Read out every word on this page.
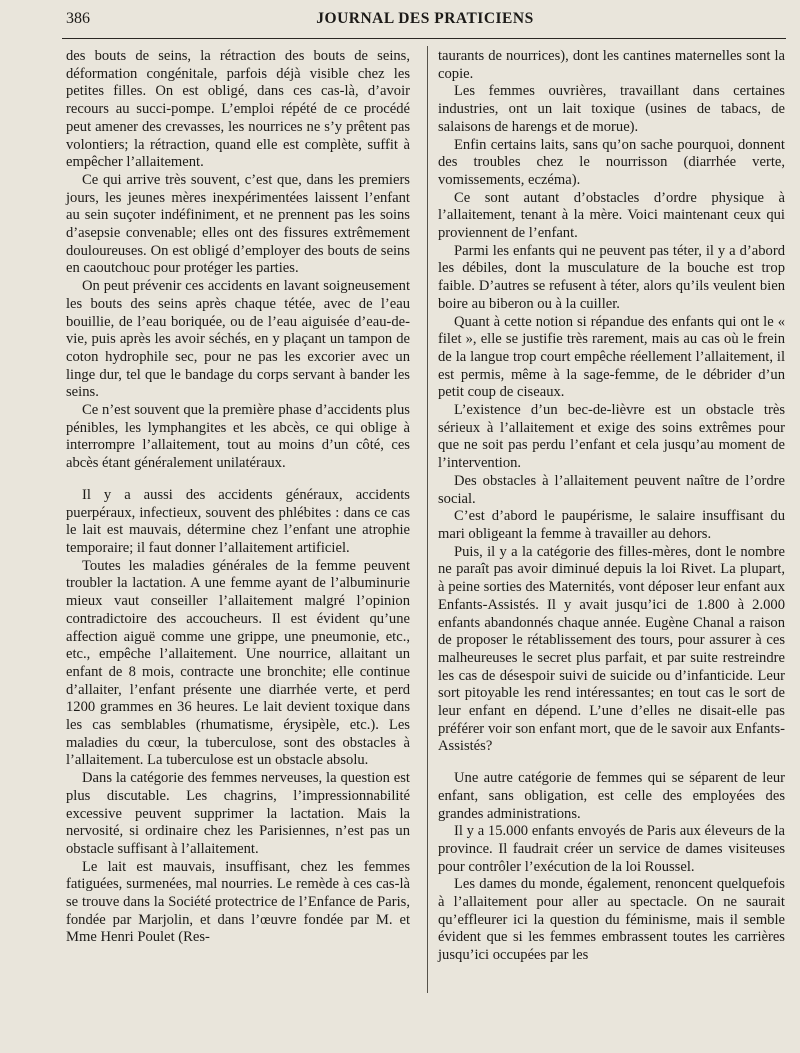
386	JOURNAL DES PRATICIENS

des bouts de seins, la rétraction des bouts de seins, déformation congénitale, parfois déjà visible chez les petites filles. On est obligé, dans ces cas-là, d’avoir recours au succi-pompe. L’emploi répété de ce procédé peut amener des crevasses, les nourrices ne s’y prêtent pas volontiers; la rétraction, quand elle est complète, suffit à empêcher l’allaitement.

Ce qui arrive très souvent, c’est que, dans les premiers jours, les jeunes mères inexpérimentées laissent l’enfant au sein suçoter indéfiniment, et ne prennent pas les soins d’asepsie convenable; elles ont des fissures extrêmement douloureuses. On est obligé d’employer des bouts de seins en caoutchouc pour protéger les parties.

On peut prévenir ces accidents en lavant soigneusement les bouts des seins après chaque tétée, avec de l’eau bouillie, de l’eau boriquée, ou de l’eau aiguisée d’eau-de-vie, puis après les avoir séchés, en y plaçant un tampon de coton hydrophile sec, pour ne pas les excorier avec un linge dur, tel que le bandage du corps servant à bander les seins.

Ce n’est souvent que la première phase d’accidents plus pénibles, les lymphangites et les abcès, ce qui oblige à interrompre l’allaitement, tout au moins d’un côté, ces abcès étant généralement unilatéraux.

Il y a aussi des accidents généraux, accidents puerpéraux, infectieux, souvent des phlébites : dans ce cas le lait est mauvais, détermine chez l’enfant une atrophie temporaire; il faut donner l’allaitement artificiel.

Toutes les maladies générales de la femme peuvent troubler la lactation. A une femme ayant de l’albuminurie mieux vaut conseiller l’allaitement malgré l’opinion contradictoire des accoucheurs. Il est évident qu’une affection aiguë comme une grippe, une pneumonie, etc., etc., empêche l’allaitement. Une nourrice, allaitant un enfant de 8 mois, contracte une bronchite; elle continue d’allaiter, l’enfant présente une diarrhée verte, et perd 1200 grammes en 36 heures. Le lait devient toxique dans les cas semblables (rhumatisme, érysipèle, etc.). Les maladies du cœur, la tuberculose, sont des obstacles à l’allaitement. La tuberculose est un obstacle absolu.

Dans la catégorie des femmes nerveuses, la question est plus discutable. Les chagrins, l’impressionnabilité excessive peuvent supprimer la lactation. Mais la nervosité, si ordinaire chez les Parisiennes, n’est pas un obstacle suffisant à l’allaitement.

Le lait est mauvais, insuffisant, chez les femmes fatiguées, surmenées, mal nourries. Le remède à ces cas-là se trouve dans la Société protectrice de l’Enfance de Paris, fondée par Marjolin, et dans l’œuvre fondée par M. et Mme Henri Poulet (Res-

taurants de nourrices), dont les cantines maternelles sont la copie.

Les femmes ouvrières, travaillant dans certaines industries, ont un lait toxique (usines de tabacs, de salaisons de harengs et de morue).

Enfin certains laits, sans qu’on sache pourquoi, donnent des troubles chez le nourrisson (diarrhée verte, vomissements, eczéma).

Ce sont autant d’obstacles d’ordre physique à l’allaitement, tenant à la mère. Voici maintenant ceux qui proviennent de l’enfant.

Parmi les enfants qui ne peuvent pas téter, il y a d’abord les débiles, dont la musculature de la bouche est trop faible. D’autres se refusent à téter, alors qu’ils veulent bien boire au biberon ou à la cuiller.

Quant à cette notion si répandue des enfants qui ont le « filet », elle se justifie très rarement, mais au cas où le frein de la langue trop court empêche réellement l’allaitement, il est permis, même à la sage-femme, de le débrider d’un petit coup de ciseaux.

L’existence d’un bec-de-lièvre est un obstacle très sérieux à l’allaitement et exige des soins extrêmes pour que ne soit pas perdu l’enfant et cela jusqu’au moment de l’intervention.

Des obstacles à l’allaitement peuvent naître de l’ordre social.

C’est d’abord le paupérisme, le salaire insuffisant du mari obligeant la femme à travailler au dehors.

Puis, il y a la catégorie des filles-mères, dont le nombre ne paraît pas avoir diminué depuis la loi Rivet. La plupart, à peine sorties des Maternités, vont déposer leur enfant aux Enfants-Assistés. Il y avait jusqu’ici de 1.800 à 2.000 enfants abandonnés chaque année. Eugène Chanal a raison de proposer le rétablissement des tours, pour assurer à ces malheureuses le secret plus parfait, et par suite restreindre les cas de désespoir suivi de suicide ou d’infanticide. Leur sort pitoyable les rend intéressantes; en tout cas le sort de leur enfant en dépend. L’une d’elles ne disait-elle pas préférer voir son enfant mort, que de le savoir aux Enfants-Assistés?

Une autre catégorie de femmes qui se séparent de leur enfant, sans obligation, est celle des employées des grandes administrations.

Il y a 15.000 enfants envoyés de Paris aux éleveurs de la province. Il faudrait créer un service de dames visiteuses pour contrôler l’exécution de la loi Roussel.

Les dames du monde, également, renoncent quelquefois à l’allaitement pour aller au spectacle. On ne saurait qu’effleurer ici la question du féminisme, mais il semble évident que si les femmes embrassent toutes les carrières jusqu’ici occupées par les
